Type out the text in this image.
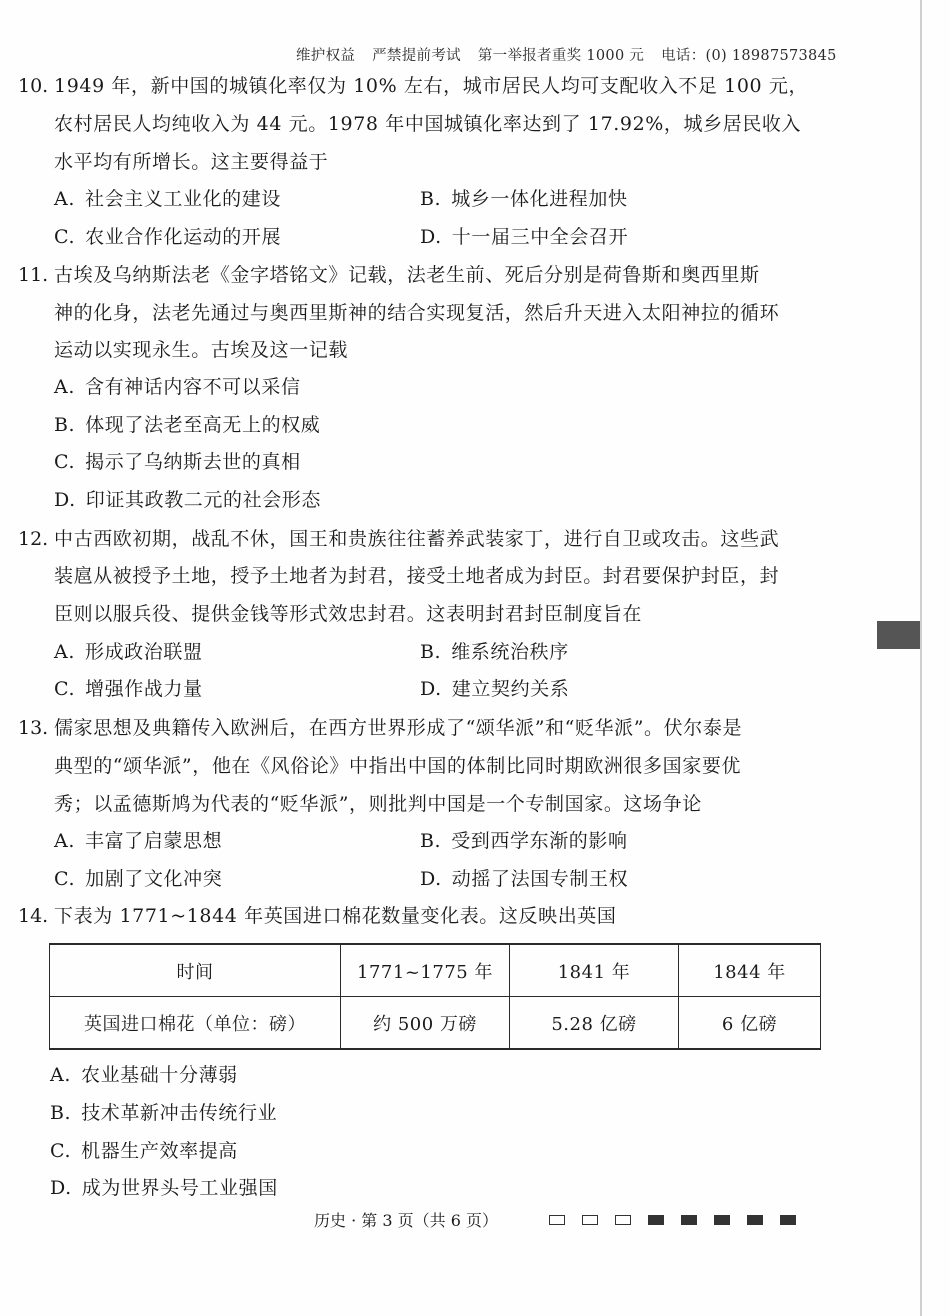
维护权益 严禁提前考试 第一举报者重奖 1000 元 电话：(0) 18987573845
10. 1949 年，新中国的城镇化率仅为 10% 左右，城市居民人均可支配收入不足 100 元，
农村居民人均纯收入为 44 元。1978 年中国城镇化率达到了 17.92%，城乡居民收入
水平均有所增长。这主要得益于
A. 社会主义工业化的建设	B. 城乡一体化进程加快
C. 农业合作化运动的开展	D. 十一届三中全会召开
11. 古埃及乌纳斯法老《金字塔铭文》记载，法老生前、死后分别是荷鲁斯和奥西里斯
神的化身，法老先通过与奥西里斯神的结合实现复活，然后升天进入太阳神拉的循环
运动以实现永生。古埃及这一记载
A. 含有神话内容不可以采信
B. 体现了法老至高无上的权威
C. 揭示了乌纳斯去世的真相
D. 印证其政教二元的社会形态
12. 中古西欧初期，战乱不休，国王和贵族往往蓄养武装家丁，进行自卫或攻击。这些武
装扈从被授予土地，授予土地者为封君，接受土地者成为封臣。封君要保护封臣，封
臣则以服兵役、提供金钱等形式效忠封君。这表明封君封臣制度旨在
A. 形成政治联盟	B. 维系统治秩序
C. 增强作战力量	D. 建立契约关系
13. 儒家思想及典籍传入欧洲后，在西方世界形成了“颂华派”和“贬华派”。伏尔泰是
典型的“颂华派”，他在《风俗论》中指出中国的体制比同时期欧洲很多国家要优
秀；以孟德斯鸠为代表的“贬华派”，则批判中国是一个专制国家。这场争论
A. 丰富了启蒙思想	B. 受到西学东渐的影响
C. 加剧了文化冲突	D. 动摇了法国专制王权
14. 下表为 1771~1844 年英国进口棉花数量变化表。这反映出英国
时间	1771~1775 年	1841 年	1844 年
英国进口棉花（单位：磅）	约 500 万磅	5.28 亿磅	6 亿磅
A. 农业基础十分薄弱
B. 技术革新冲击传统行业
C. 机器生产效率提高
D. 成为世界头号工业强国
历史 · 第 3 页（共 6 页）
